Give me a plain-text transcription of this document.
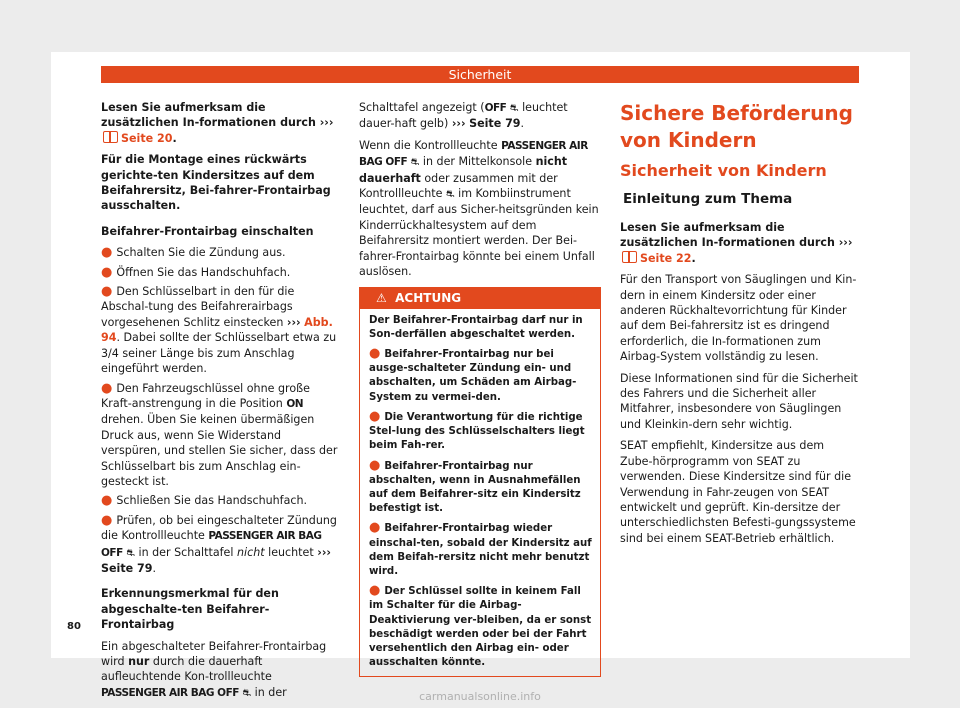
Sicherheit

Lesen Sie aufmerksam die zusätzlichen In-formationen durch ›››Seite 20.

Für die Montage eines rückwärts gerichte-ten Kindersitzes auf dem Beifahrersitz, Bei-fahrer-Frontairbag ausschalten.

Beifahrer-Frontairbag einschalten

● Schalten Sie die Zündung aus.

● Öffnen Sie das Handschuhfach.

● Den Schlüsselbart in den für die Abschal-tung des Beifahrerairbags vorgesehenen Schlitz einstecken ››› Abb. 94. Dabei sollte der Schlüsselbart etwa zu 3/4 seiner Länge bis zum Anschlag eingeführt werden.

● Den Fahrzeugschlüssel ohne große Kraft-anstrengung in die Position ON drehen. Üben Sie keinen übermäßigen Druck aus, wenn Sie Widerstand verspüren, und stellen Sie sicher, dass der Schlüsselbart bis zum Anschlag ein-gesteckt ist.

● Schließen Sie das Handschuhfach.

● Prüfen, ob bei eingeschalteter Zündung die Kontrollleuchte PASSENGER AIR BAG OFF ⛐ in der Schalttafel nicht leuchtet ››› Seite 79.

Erkennungsmerkmal für den abgeschalte-ten Beifahrer-Frontairbag

Ein abgeschalteter Beifahrer-Frontairbag wird nur durch die dauerhaft aufleuchtende Kon-trollleuchte PASSENGER AIR BAG OFF ⛐ in der

Schalttafel angezeigt (OFF ⛐ leuchtet dauer-haft gelb) ››› Seite 79.

Wenn die Kontrollleuchte PASSENGER AIR BAG OFF ⛐ in der Mittelkonsole nicht dauerhaft oder zusammen mit der Kontrollleuchte ⛐ im Kombiinstrument leuchtet, darf aus Sicher-heitsgründen kein Kinderrückhaltesystem auf dem Beifahrersitz montiert werden. Der Bei-fahrer-Frontairbag könnte bei einem Unfall auslösen.

⚠ ACHTUNG

Der Beifahrer-Frontairbag darf nur in Son-derfällen abgeschaltet werden.

● Beifahrer-Frontairbag nur bei ausge-schalteter Zündung ein- und abschalten, um Schäden am Airbag-System zu vermei-den.

● Die Verantwortung für die richtige Stel-lung des Schlüsselschalters liegt beim Fah-rer.

● Beifahrer-Frontairbag nur abschalten, wenn in Ausnahmefällen auf dem Beifahrer-sitz ein Kindersitz befestigt ist.

● Beifahrer-Frontairbag wieder einschal-ten, sobald der Kindersitz auf dem Beifah-rersitz nicht mehr benutzt wird.

● Der Schlüssel sollte in keinem Fall im Schalter für die Airbag-Deaktivierung ver-bleiben, da er sonst beschädigt werden oder bei der Fahrt versehentlich den Airbag ein- oder ausschalten könnte.

Sichere Beförderung von Kindern
Sicherheit von Kindern
Einleitung zum Thema

Lesen Sie aufmerksam die zusätzlichen In-formationen durch ›››Seite 22.

Für den Transport von Säuglingen und Kin-dern in einem Kindersitz oder einer anderen Rückhaltevorrichtung für Kinder auf dem Bei-fahrersitz ist es dringend erforderlich, die In-formationen zum Airbag-System vollständig zu lesen.

Diese Informationen sind für die Sicherheit des Fahrers und die Sicherheit aller Mitfahrer, insbesondere von Säuglingen und Kleinkin-dern sehr wichtig.

SEAT empfiehlt, Kindersitze aus dem Zube-hörprogramm von SEAT zu verwenden. Diese Kindersitze sind für die Verwendung in Fahr-zeugen von SEAT entwickelt und geprüft. Kin-dersitze der unterschiedlichsten Befesti-gungssysteme sind bei einem SEAT-Betrieb erhältlich.

80
carmanualsonline.info
